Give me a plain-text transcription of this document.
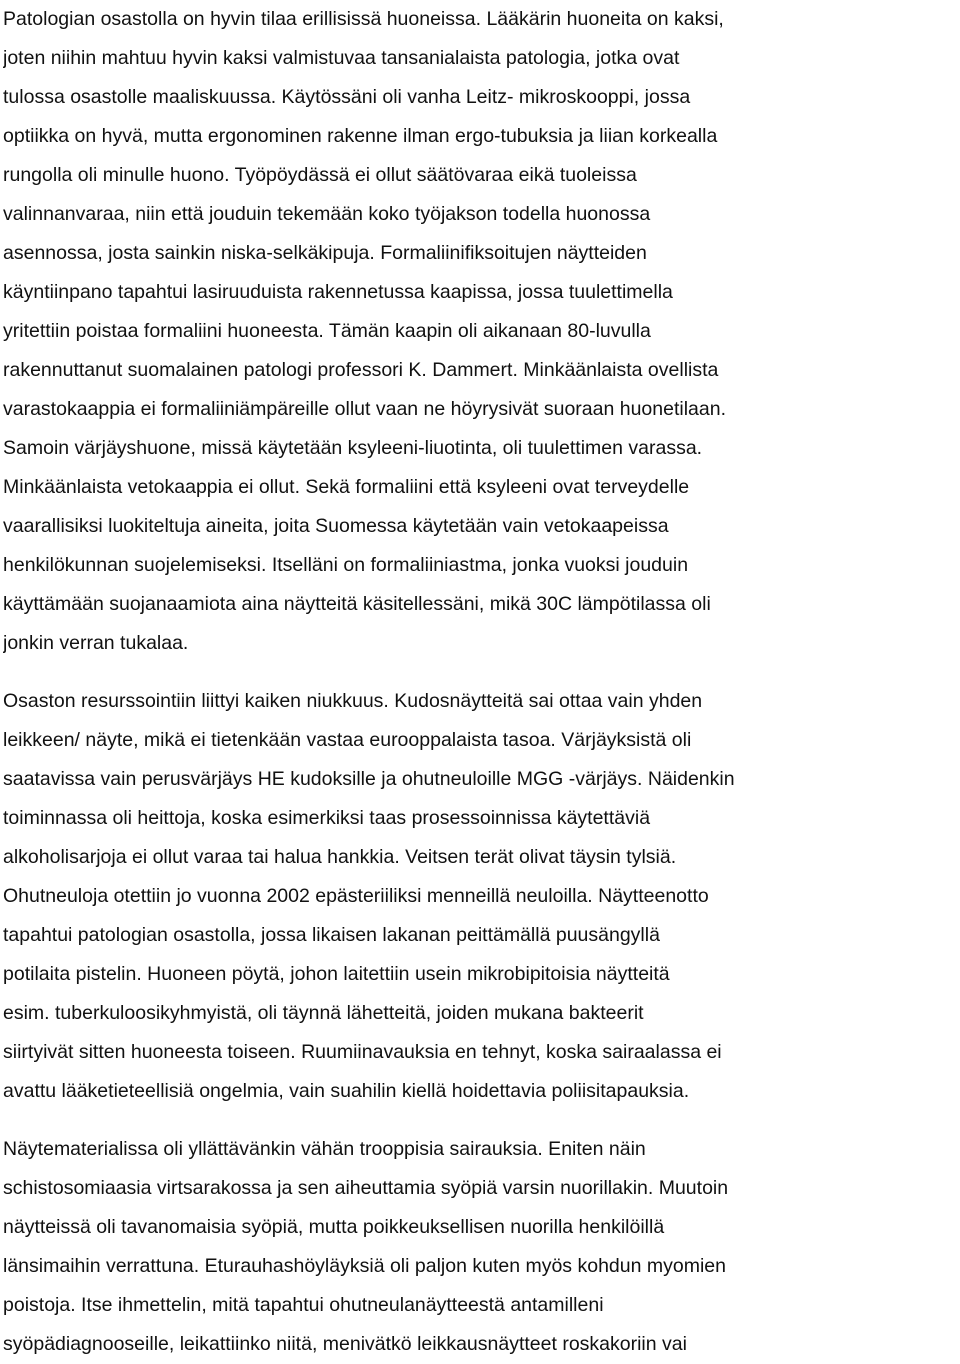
Patologian osastolla on hyvin tilaa erillisissä huoneissa. Lääkärin huoneita on kaksi,
joten niihin mahtuu hyvin kaksi valmistuvaa tansanialaista patologia, jotka ovat
tulossa osastolle maaliskuussa. Käytössäni oli vanha Leitz- mikroskooppi, jossa
optiikka on hyvä, mutta ergonominen rakenne ilman ergo-tubuksia ja liian korkealla
rungolla oli minulle huono. Työpöydässä ei ollut säätövaraa eikä tuoleissa
valinnanvaraa, niin että jouduin tekemään koko työjakson todella huonossa
asennossa, josta sainkin niska-selkäkipuja. Formaliinifiksoitujen näytteiden
käyntiinpano tapahtui lasiruuduista rakennetussa kaapissa, jossa tuulettimella
yritettiin poistaa formaliini huoneesta. Tämän kaapin oli aikanaan 80-luvulla
rakennuttanut suomalainen patologi professori K. Dammert. Minkäänlaista ovellista
varastokaappia ei formaliiniämpäreille ollut vaan ne höyrysivät suoraan huonetilaan.
Samoin värjäyshuone, missä käytetään ksyleeni-liuotinta, oli tuulettimen varassa.
Minkäänlaista vetokaappia ei ollut. Sekä formaliini että ksyleeni ovat terveydelle
vaarallisiksi luokiteltuja aineita, joita Suomessa käytetään vain vetokaapeissa
henkilökunnan suojelemiseksi. Itselläni on formaliiniastma, jonka vuoksi jouduin
käyttämään suojanaamiota aina näytteitä käsitellessäni, mikä 30C lämpötilassa oli
jonkin verran tukalaa.
Osaston resurssointiin liittyi kaiken niukkuus. Kudosnäytteitä sai ottaa vain yhden
leikkeen/ näyte, mikä ei tietenkään vastaa eurooppalaista tasoa. Värjäyksistä oli
saatavissa vain perusvärjäys HE kudoksille ja ohutneuloille MGG -värjäys. Näidenkin
toiminnassa oli heittoja, koska esimerkiksi taas prosessoinnissa käytettäviä
alkoholisarjoja ei ollut varaa tai halua hankkia. Veitsen terät olivat täysin tylsiä.
Ohutneuloja otettiin jo vuonna 2002 epästeriiliksi menneillä neuloilla. Näytteenotto
tapahtui patologian osastolla, jossa likaisen lakanan peittämällä puusängyllä
potilaita pistelin. Huoneen pöytä, johon laitettiin usein mikrobipitoisia näytteitä
esim. tuberkuloosikyhmyistä, oli täynnä lähetteitä, joiden mukana bakteerit
siirtyivät sitten huoneesta toiseen. Ruumiinavauksia en tehnyt, koska sairaalassa ei
avattu lääketieteellisiä ongelmia, vain suahilin kiellä hoidettavia poliisitapauksia.
Näytematerialissa oli yllättävänkin vähän trooppisia sairauksia. Eniten näin
schistosomiaasia virtsarakossa ja sen aiheuttamia syöpiä varsin nuorillakin. Muutoin
näytteissä oli tavanomaisia syöpiä, mutta poikkeuksellisen nuorilla henkilöillä
länsimaihin verrattuna. Eturauhashöyläyksiä oli paljon kuten myös kohdun myomien
poistoja. Itse ihmettelin, mitä tapahtui ohutneulanäytteestä antamilleni
syöpädiagnooseille, leikattiinko niitä, menivätkö leikkausnäytteet roskakoriin vai
